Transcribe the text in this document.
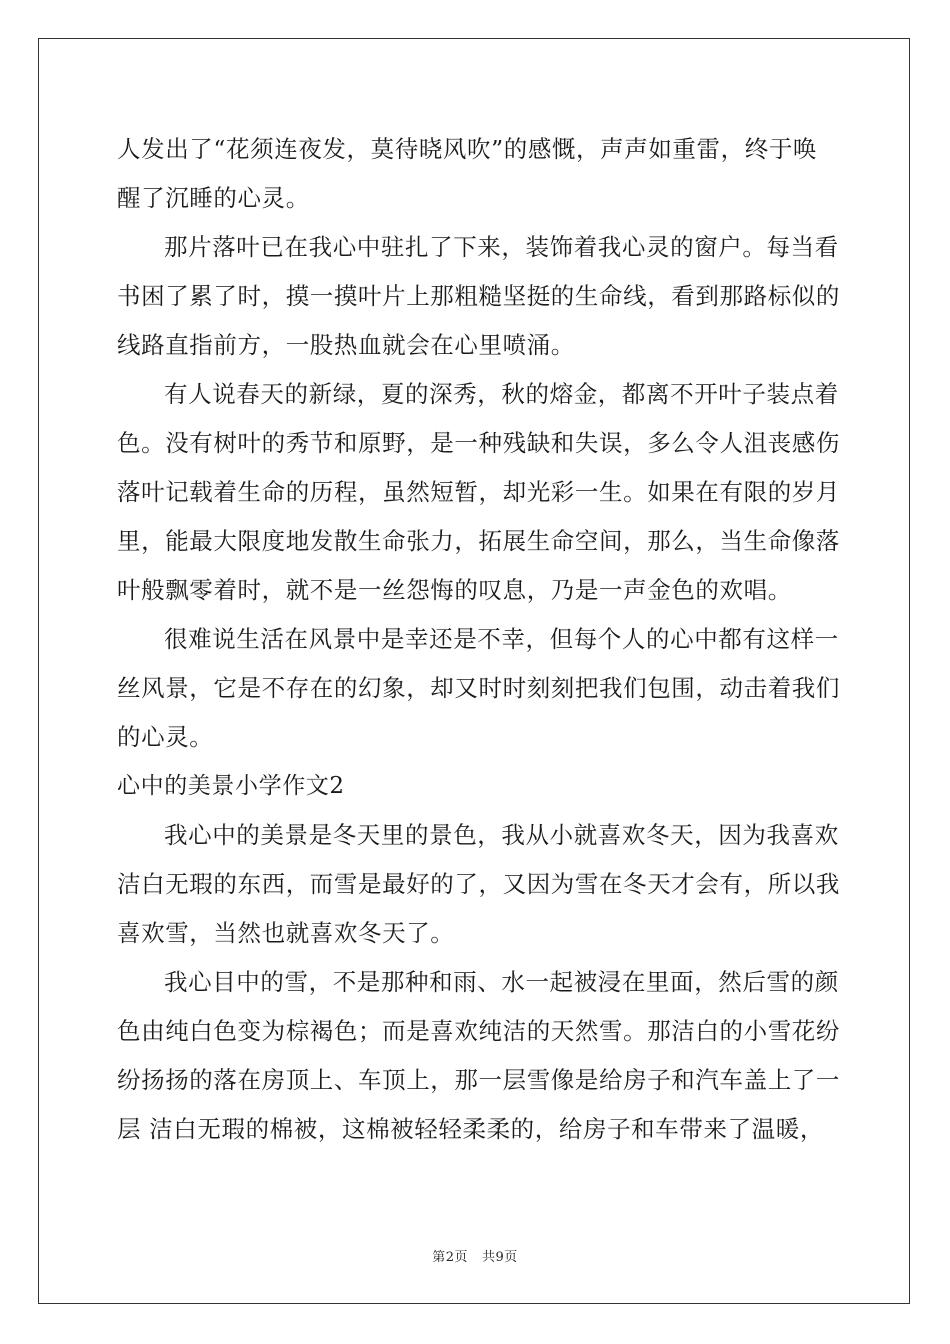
人发出了“花须连夜发，莫待晓风吹”的感慨，声声如重雷，终于唤
醒了沉睡的心灵。
那片落叶已在我心中驻扎了下来，装饰着我心灵的窗户。每当看
书困了累了时，摸一摸叶片上那粗糙坚挺的生命线，看到那路标似的
线路直指前方，一股热血就会在心里喷涌。
有人说春天的新绿，夏的深秀，秋的熔金，都离不开叶子装点着
色。没有树叶的秀节和原野，是一种残缺和失误，多么令人沮丧感伤
落叶记载着生命的历程，虽然短暂，却光彩一生。如果在有限的岁月
里，能最大限度地发散生命张力，拓展生命空间，那么，当生命像落
叶般飘零着时，就不是一丝怨悔的叹息，乃是一声金色的欢唱。
很难说生活在风景中是幸还是不幸，但每个人的心中都有这样一
丝风景，它是不存在的幻象，却又时时刻刻把我们包围，动击着我们
的心灵。
心中的美景小学作文2
我心中的美景是冬天里的景色，我从小就喜欢冬天，因为我喜欢
洁白无瑕的东西，而雪是最好的了，又因为雪在冬天才会有，所以我
喜欢雪，当然也就喜欢冬天了。
我心目中的雪，不是那种和雨、水一起被浸在里面，然后雪的颜
色由纯白色变为棕褐色；而是喜欢纯洁的天然雪。那洁白的小雪花纷
纷扬扬的落在房顶上、车顶上，那一层雪像是给房子和汽车盖上了一
层 洁白无瑕的棉被，这棉被轻轻柔柔的，给房子和车带来了温暖，
第2页 共9页
